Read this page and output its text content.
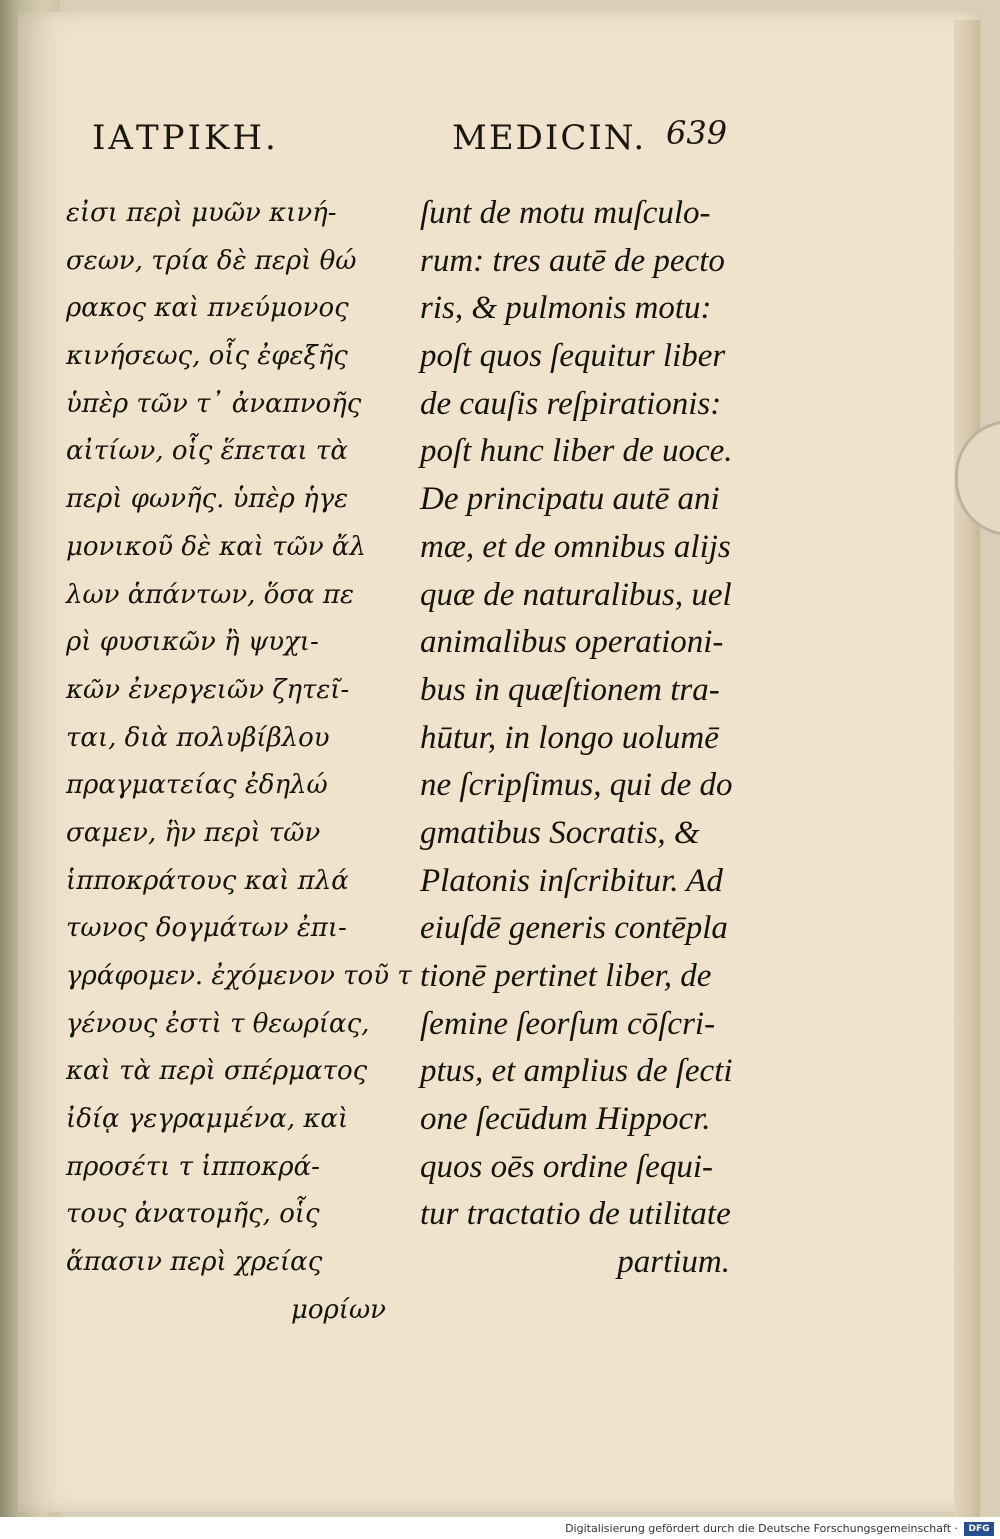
ΙΑΤΡΙΚΗ.	MEDICIN. 639
εἰσι περὶ μυῶν κινή-
σεων, τρία δὲ περὶ θώ
ρακος καὶ πνεύμονος
κινήσεως, οἷς ἐφεξῆς
ὑπὲρ τῶν τ᾽ ἀναπνοῆς
αἰτίων, οἷς ἕπεται τὰ
περὶ φωνῆς. ὑπὲρ ἡγε
μονικοῦ δὲ καὶ τῶν ἄλ
λων ἁπάντων, ὅσα πε
ρὶ φυσικῶν ἢ ψυχι-
κῶν ἐνεργειῶν ζητεῖ-
ται, διὰ πολυβίβλου
πραγματείας ἐδηλώ
σαμεν, ἣν περὶ τῶν
ἱπποκράτους καὶ πλά
τωνος δογμάτων ἐπι-
γράφομεν. ἐχόμενον τοῦ τ
γένους ἐστὶ τ θεωρίας,
καὶ τὰ περὶ σπέρματος
ἰδίᾳ γεγραμμένα, καὶ
προσέτι τ ἱπποκρά-
τους ἀνατομῆς, οἷς
ἅπασιν περὶ χρείας
μορίων
ſunt de motu muſculo-
rum: tres autē de pecto
ris, & pulmonis motu:
poſt quos ſequitur liber
de cauſis reſpirationis:
poſt hunc liber de uoce.
De principatu autē ani
mæ, et de omnibus alijs
quæ de naturalibus, uel
animalibus operationi-
bus in quæſtionem tra-
hūtur, in longo uolumē
ne ſcripſimus, qui de do
gmatibus Socratis, &
Platonis inſcribitur. Ad
eiuſdē generis contēpla
tionē pertinet liber, de
ſemine ſeorſum cōſcri-
ptus, et amplius de ſecti
one ſecūdum Hippocr.
quos oēs ordine ſequi-
tur tractatio de utilitate
partium.
Digitalisierung gefördert durch die Deutsche Forschungsgemeinschaft ·	DFG
